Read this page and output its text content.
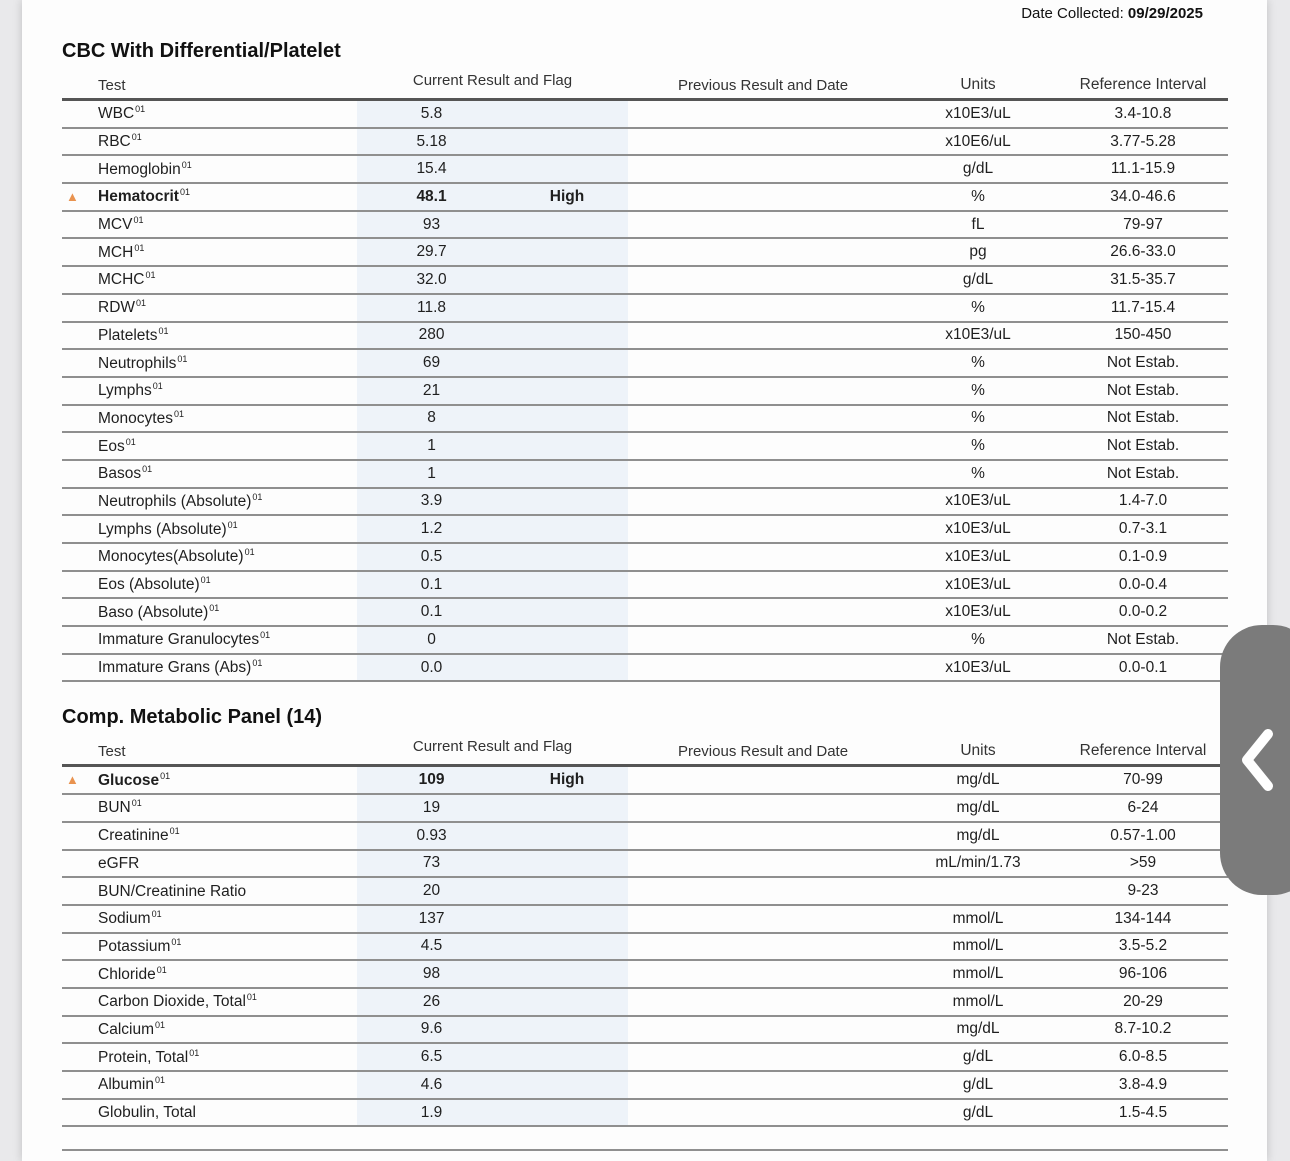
Date Collected: 09/29/2025
CBC With Differential/Platelet
Test	Current Result and Flag	Previous Result and Date	Units	Reference Interval
WBC$^{01}$	5.8	x10E3/uL	3.4-10.8
RBC$^{01}$	5.18	x10E6/uL	3.77-5.28
Hemoglobin$^{01}$	15.4	g/dL	11.1-15.9
▲	Hematocrit$^{01}$	48.1	High	%	34.0-46.6
MCV$^{01}$	93	fL	79-97
MCH$^{01}$	29.7	pg	26.6-33.0
MCHC$^{01}$	32.0	g/dL	31.5-35.7
RDW$^{01}$	11.8	%	11.7-15.4
Platelets$^{01}$	280	x10E3/uL	150-450
Neutrophils$^{01}$	69	%	Not Estab.
Lymphs$^{01}$	21	%	Not Estab.
Monocytes$^{01}$	8	%	Not Estab.
Eos$^{01}$	1	%	Not Estab.
Basos$^{01}$	1	%	Not Estab.
Neutrophils (Absolute)$^{01}$	3.9	x10E3/uL	1.4-7.0
Lymphs (Absolute)$^{01}$	1.2	x10E3/uL	0.7-3.1
Monocytes(Absolute)$^{01}$	0.5	x10E3/uL	0.1-0.9
Eos (Absolute)$^{01}$	0.1	x10E3/uL	0.0-0.4
Baso (Absolute)$^{01}$	0.1	x10E3/uL	0.0-0.2
Immature Granulocytes$^{01}$	0	%	Not Estab.
Immature Grans (Abs)$^{01}$	0.0	x10E3/uL	0.0-0.1
Comp. Metabolic Panel (14)
Test	Current Result and Flag	Previous Result and Date	Units	Reference Interval
▲	Glucose$^{01}$	109	High	mg/dL	70-99
BUN$^{01}$	19	mg/dL	6-24
Creatinine$^{01}$	0.93	mg/dL	0.57-1.00
eGFR	73	mL/min/1.73	>59
BUN/Creatinine Ratio	20	9-23
Sodium$^{01}$	137	mmol/L	134-144
Potassium$^{01}$	4.5	mmol/L	3.5-5.2
Chloride$^{01}$	98	mmol/L	96-106
Carbon Dioxide, Total$^{01}$	26	mmol/L	20-29
Calcium$^{01}$	9.6	mg/dL	8.7-10.2
Protein, Total$^{01}$	6.5	g/dL	6.0-8.5
Albumin$^{01}$	4.6	g/dL	3.8-4.9
Globulin, Total	1.9	g/dL	1.5-4.5
